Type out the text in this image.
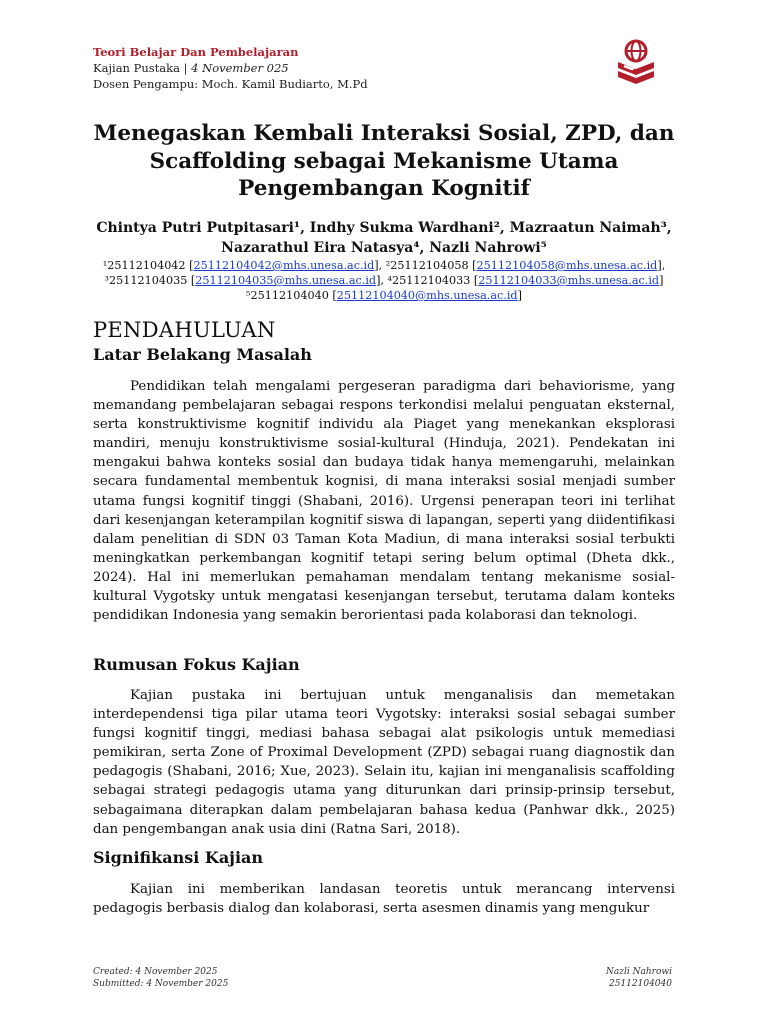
Teori Belajar Dan Pembelajaran
Kajian Pustaka | 4 November 025
Dosen Pengampu: Moch. Kamil Budiarto, M.Pd
Menegaskan Kembali Interaksi Sosial, ZPD, dan Scaffolding sebagai Mekanisme Utama Pengembangan Kognitif

Chintya Putri Putpitasari¹, Indhy Sukma Wardhani², Mazraatun Naimah³, Nazarathul Eira Natasya⁴, Nazli Nahrowi⁵

¹25112104042 [25112104042@mhs.unesa.ac.id], ²25112104058 [25112104058@mhs.unesa.ac.id],
³25112104035 [25112104035@mhs.unesa.ac.id], ⁴25112104033 [25112104033@mhs.unesa.ac.id]
⁵25112104040 [25112104040@mhs.unesa.ac.id]
PENDAHULUAN
Latar Belakang Masalah

Pendidikan telah mengalami pergeseran paradigma dari behaviorisme, yang memandang pembelajaran sebagai respons terkondisi melalui penguatan eksternal, serta konstruktivisme kognitif individu ala Piaget yang menekankan eksplorasi mandiri, menuju konstruktivisme sosial-kultural (Hinduja, 2021). Pendekatan ini mengakui bahwa konteks sosial dan budaya tidak hanya memengaruhi, melainkan secara fundamental membentuk kognisi, di mana interaksi sosial menjadi sumber utama fungsi kognitif tinggi (Shabani, 2016). Urgensi penerapan teori ini terlihat dari kesenjangan keterampilan kognitif siswa di lapangan, seperti yang diidentifikasi dalam penelitian di SDN 03 Taman Kota Madiun, di mana interaksi sosial terbukti meningkatkan perkembangan kognitif tetapi sering belum optimal (Dheta dkk., 2024). Hal ini memerlukan pemahaman mendalam tentang mekanisme sosial-kultural Vygotsky untuk mengatasi kesenjangan tersebut, terutama dalam konteks pendidikan Indonesia yang semakin berorientasi pada kolaborasi dan teknologi.

Rumusan Fokus Kajian

Kajian pustaka ini bertujuan untuk menganalisis dan memetakan interdependensi tiga pilar utama teori Vygotsky: interaksi sosial sebagai sumber fungsi kognitif tinggi, mediasi bahasa sebagai alat psikologis untuk memediasi pemikiran, serta Zone of Proximal Development (ZPD) sebagai ruang diagnostik dan pedagogis (Shabani, 2016; Xue, 2023). Selain itu, kajian ini menganalisis scaffolding sebagai strategi pedagogis utama yang diturunkan dari prinsip-prinsip tersebut, sebagaimana diterapkan dalam pembelajaran bahasa kedua (Panhwar dkk., 2025) dan pengembangan anak usia dini (Ratna Sari, 2018).

Signifikansi Kajian

Kajian ini memberikan landasan teoretis untuk merancang intervensi pedagogis berbasis dialog dan kolaborasi, serta asesmen dinamis yang mengukur

Created: 4 November 2025
Submitted: 4 November 2025
Nazli Nahrowi
25112104040
